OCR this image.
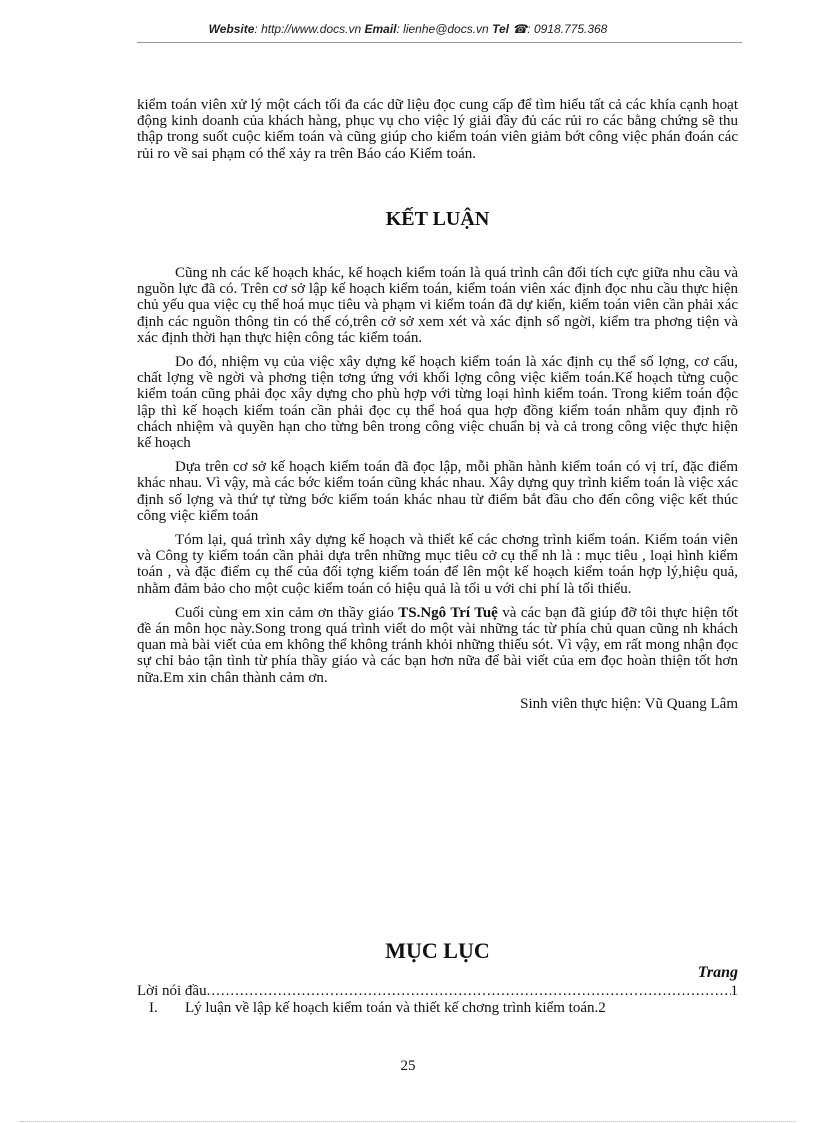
Website: http://www.docs.vn Email: lienhe@docs.vn Tel ☎: 0918.775.368

kiểm toán viên xử lý một cách tối đa các dữ liệu đọc cung cấp để tìm hiểu tất cả các khía cạnh hoạt động kinh doanh của khách hàng, phục vụ cho việc lý giải đầy đủ các rủi ro các bằng chứng sẽ thu thập trong suốt cuộc kiểm toán và cũng giúp cho kiểm toán viên giảm bớt công việc phán đoán các rủi ro về sai phạm có thể xảy ra trên Báo cáo Kiểm toán.

KẾT LUẬN

Cũng nh các kế hoạch khác, kế hoạch kiểm toán là quá trình cân đối tích cực giữa nhu cầu và nguồn lực đã có. Trên cơ sở lập kế hoạch kiểm toán, kiểm toán viên xác định đọc nhu cầu thực hiện chủ yếu qua việc cụ thể hoá mục tiêu và phạm vi kiểm toán đã dự kiến, kiểm toán viên cần phải xác định các nguồn thông tin có thể có,trên cở sở xem xét và xác định số ngời, kiểm tra phơng tiện và xác định thời hạn thực hiện công tác kiểm toán.

Do đó, nhiệm vụ của việc xây dựng kế hoạch kiểm toán là xác định cụ thể số lợng, cơ cấu, chất lợng về ngời và phơng tiện tơng ứng với khối lợng công việc kiểm toán.Kế hoạch từng cuộc kiểm toán cũng phải đọc xây dựng cho phù hợp với từng loại hình kiểm toán. Trong kiểm toán độc lập thì kế hoạch kiểm toán cần phải đọc cụ thể hoá qua hợp đồng kiểm toán nhằm quy định rõ chách nhiệm và quyền hạn cho từng bên trong công việc chuẩn bị và cả trong công việc thực hiện kế hoạch

Dựa trên cơ sở kế hoạch kiểm toán đã đọc lập, mỗi phần hành kiểm toán có vị trí, đặc điểm khác nhau. Vì vậy, mà các bớc kiểm toán cũng khác nhau. Xây dựng quy trình kiểm toán là việc xác định số lợng và thứ tự từng bớc kiểm toán khác nhau từ điểm bắt đầu cho đến công việc kết thúc công việc kiểm toán

Tóm lại, quá trình xây dựng kế hoạch và thiết kế các chơng trình kiểm toán. Kiểm toán viên và Công ty kiểm toán cần phải dựa trên những mục tiêu cở cụ thể nh là : mục tiêu , loại hình kiểm toán , và đặc điểm cụ thể của đối tợng kiểm toán để lên một kế hoạch kiểm toán hợp lý,hiệu quả, nhằm đảm bảo cho một cuộc kiểm toán có hiệu quả là tối u với chi phí là tối thiểu.

Cuối cùng em xin cảm ơn thầy giáo TS.Ngô Trí Tuệ và các bạn đã giúp đỡ tôi thực hiện tốt đề án môn học này.Song trong quá trình viết do một vài những tác từ phía chủ quan cũng nh khách quan mà bài viết của em không thể không tránh khỏi những thiếu sót. Vì vậy, em rất mong nhận đọc sự chỉ bảo tận tình từ phía thầy giáo và các bạn hơn nữa để bài viết của em đọc hoàn thiện tốt hơn nữa.Em xin chân thành cảm ơn.

Sinh viên thực hiện: Vũ Quang Lâm

MỤC LỤC
Trang
Lời nói đầu
.....	1
I.	Lý luận về lập kế hoạch kiểm toán và thiết kế chơng trình kiểm toán .2
25
